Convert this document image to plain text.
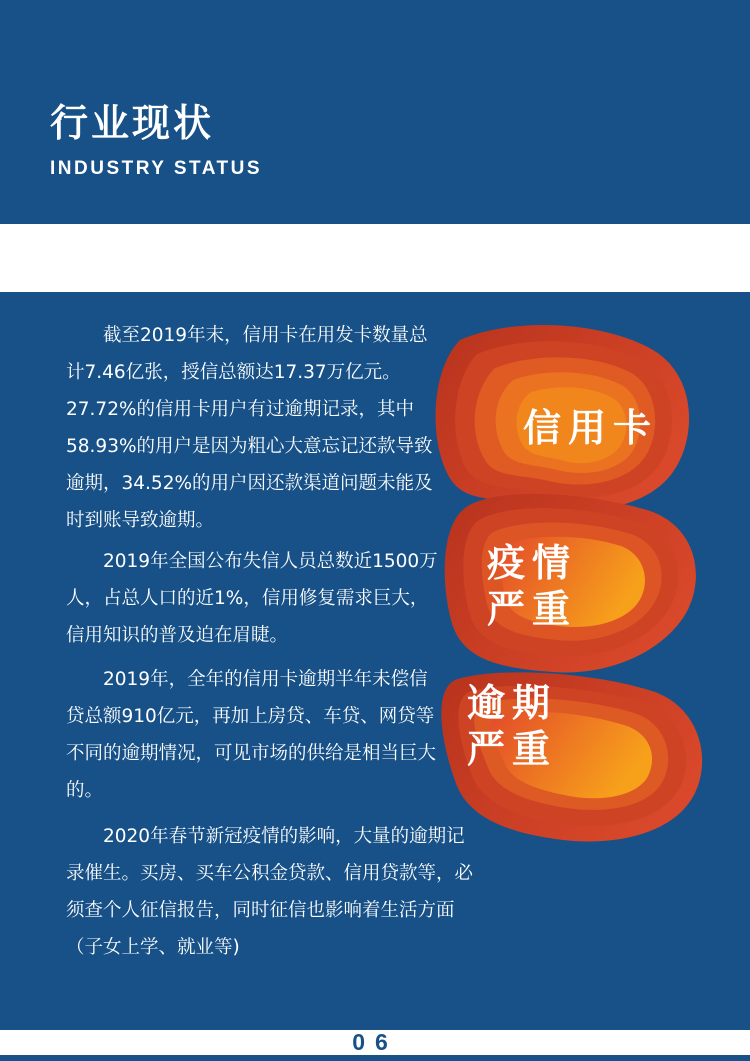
行业现状
INDUSTRY STATUS

截至2019年末，信用卡在用发卡数量总计7.46亿张，授信总额达17.37万亿元。27.72%的信用卡用户有过逾期记录，其中58.93%的用户是因为粗心大意忘记还款导致逾期，34.52%的用户因还款渠道问题未能及时到账导致逾期。

2019年全国公布失信人员总数近1500万人，占总人口的近1%，信用修复需求巨大，信用知识的普及迫在眉睫。

2019年，全年的信用卡逾期半年未偿信贷总额910亿元，再加上房贷、车贷、网贷等不同的逾期情况，可见市场的供给是相当巨大的。

2020年春节新冠疫情的影响，大量的逾期记录催生。买房、买车公积金贷款、信用贷款等，必须查个人征信报告，同时征信也影响着生活方面（子女上学、就业等)

信用卡

疫情
严重

逾期
严重

06
